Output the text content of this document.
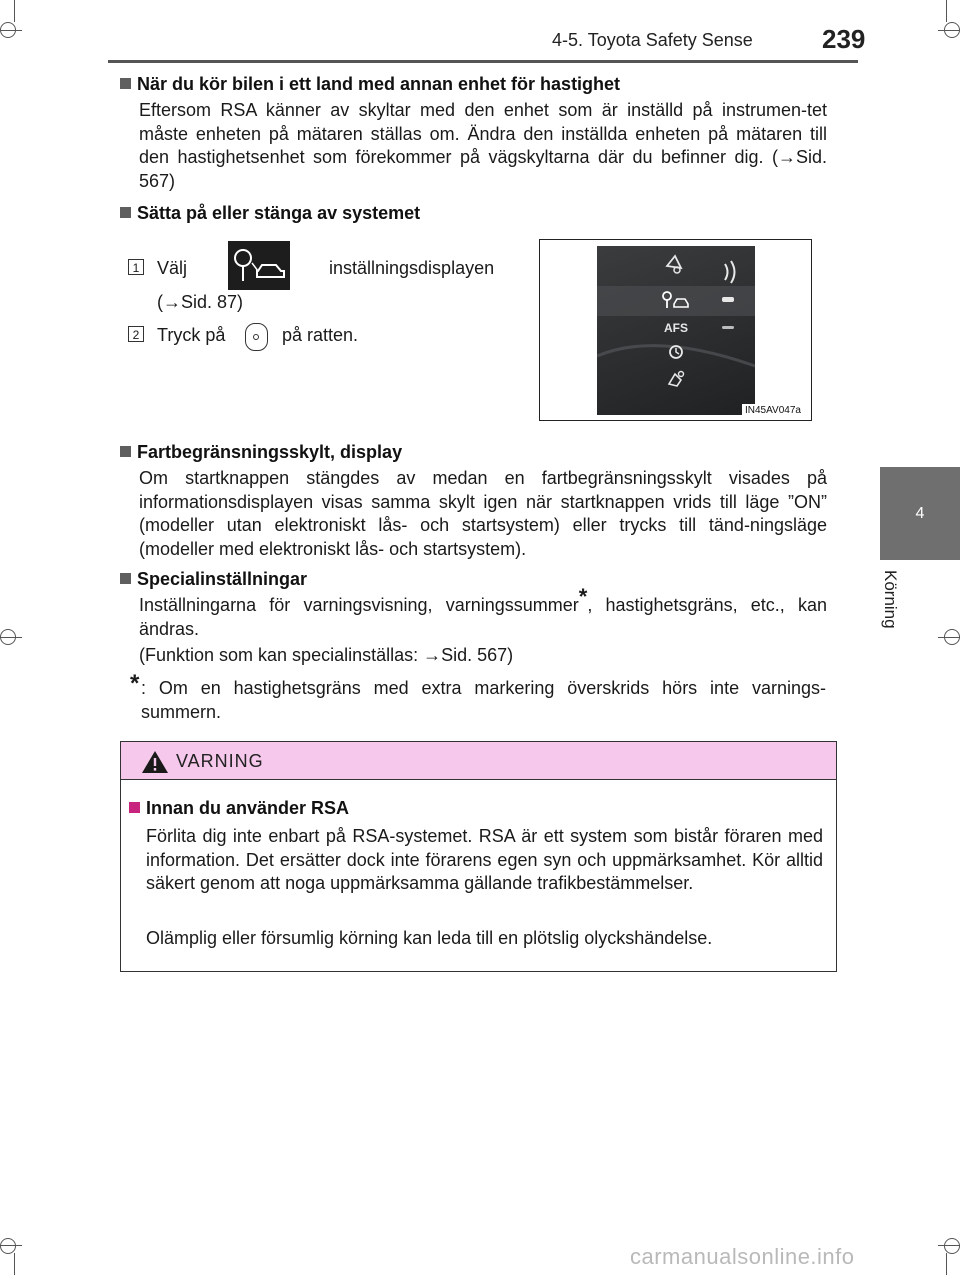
4-5. Toyota Safety Sense	239
4
Körning
När du kör bilen i ett land med annan enhet för hastighet
Eftersom RSA känner av skyltar med den enhet som är inställd på instrumen-tet måste enheten på mätaren ställas om. Ändra den inställda enheten på mätaren till den hastighetsenhet som förekommer på vägskyltarna där du befinner dig. (→Sid. 567)
Sätta på eller stänga av systemet
1 Välj	inställningsdisplayen
(→Sid. 87)
2 Tryck på	på ratten.	AFS
IN45AV047a
Fartbegränsningsskylt, display
Om startknappen stängdes av medan en fartbegränsningsskylt visades på informationsdisplayen visas samma skylt igen när startknappen vrids till läge ”ON” (modeller utan elektroniskt lås- och startsystem) eller trycks till tänd-ningsläge (modeller med elektroniskt lås- och startsystem).
Specialinställningar
Inställningarna för varningsvisning, varningssummer*, hastighetsgräns, etc., kan ändras.
(Funktion som kan specialinställas: →Sid. 567)
* : Om en hastighetsgräns med extra markering överskrids hörs inte varnings-summern.
VARNING
Innan du använder RSA
Förlita dig inte enbart på RSA-systemet. RSA är ett system som bistår föraren med information. Det ersätter dock inte förarens egen syn och uppmärksamhet. Kör alltid säkert genom att noga uppmärksamma gällande trafikbestämmelser.
Olämplig eller försumlig körning kan leda till en plötslig olyckshändelse.
carmanualsonline.info
